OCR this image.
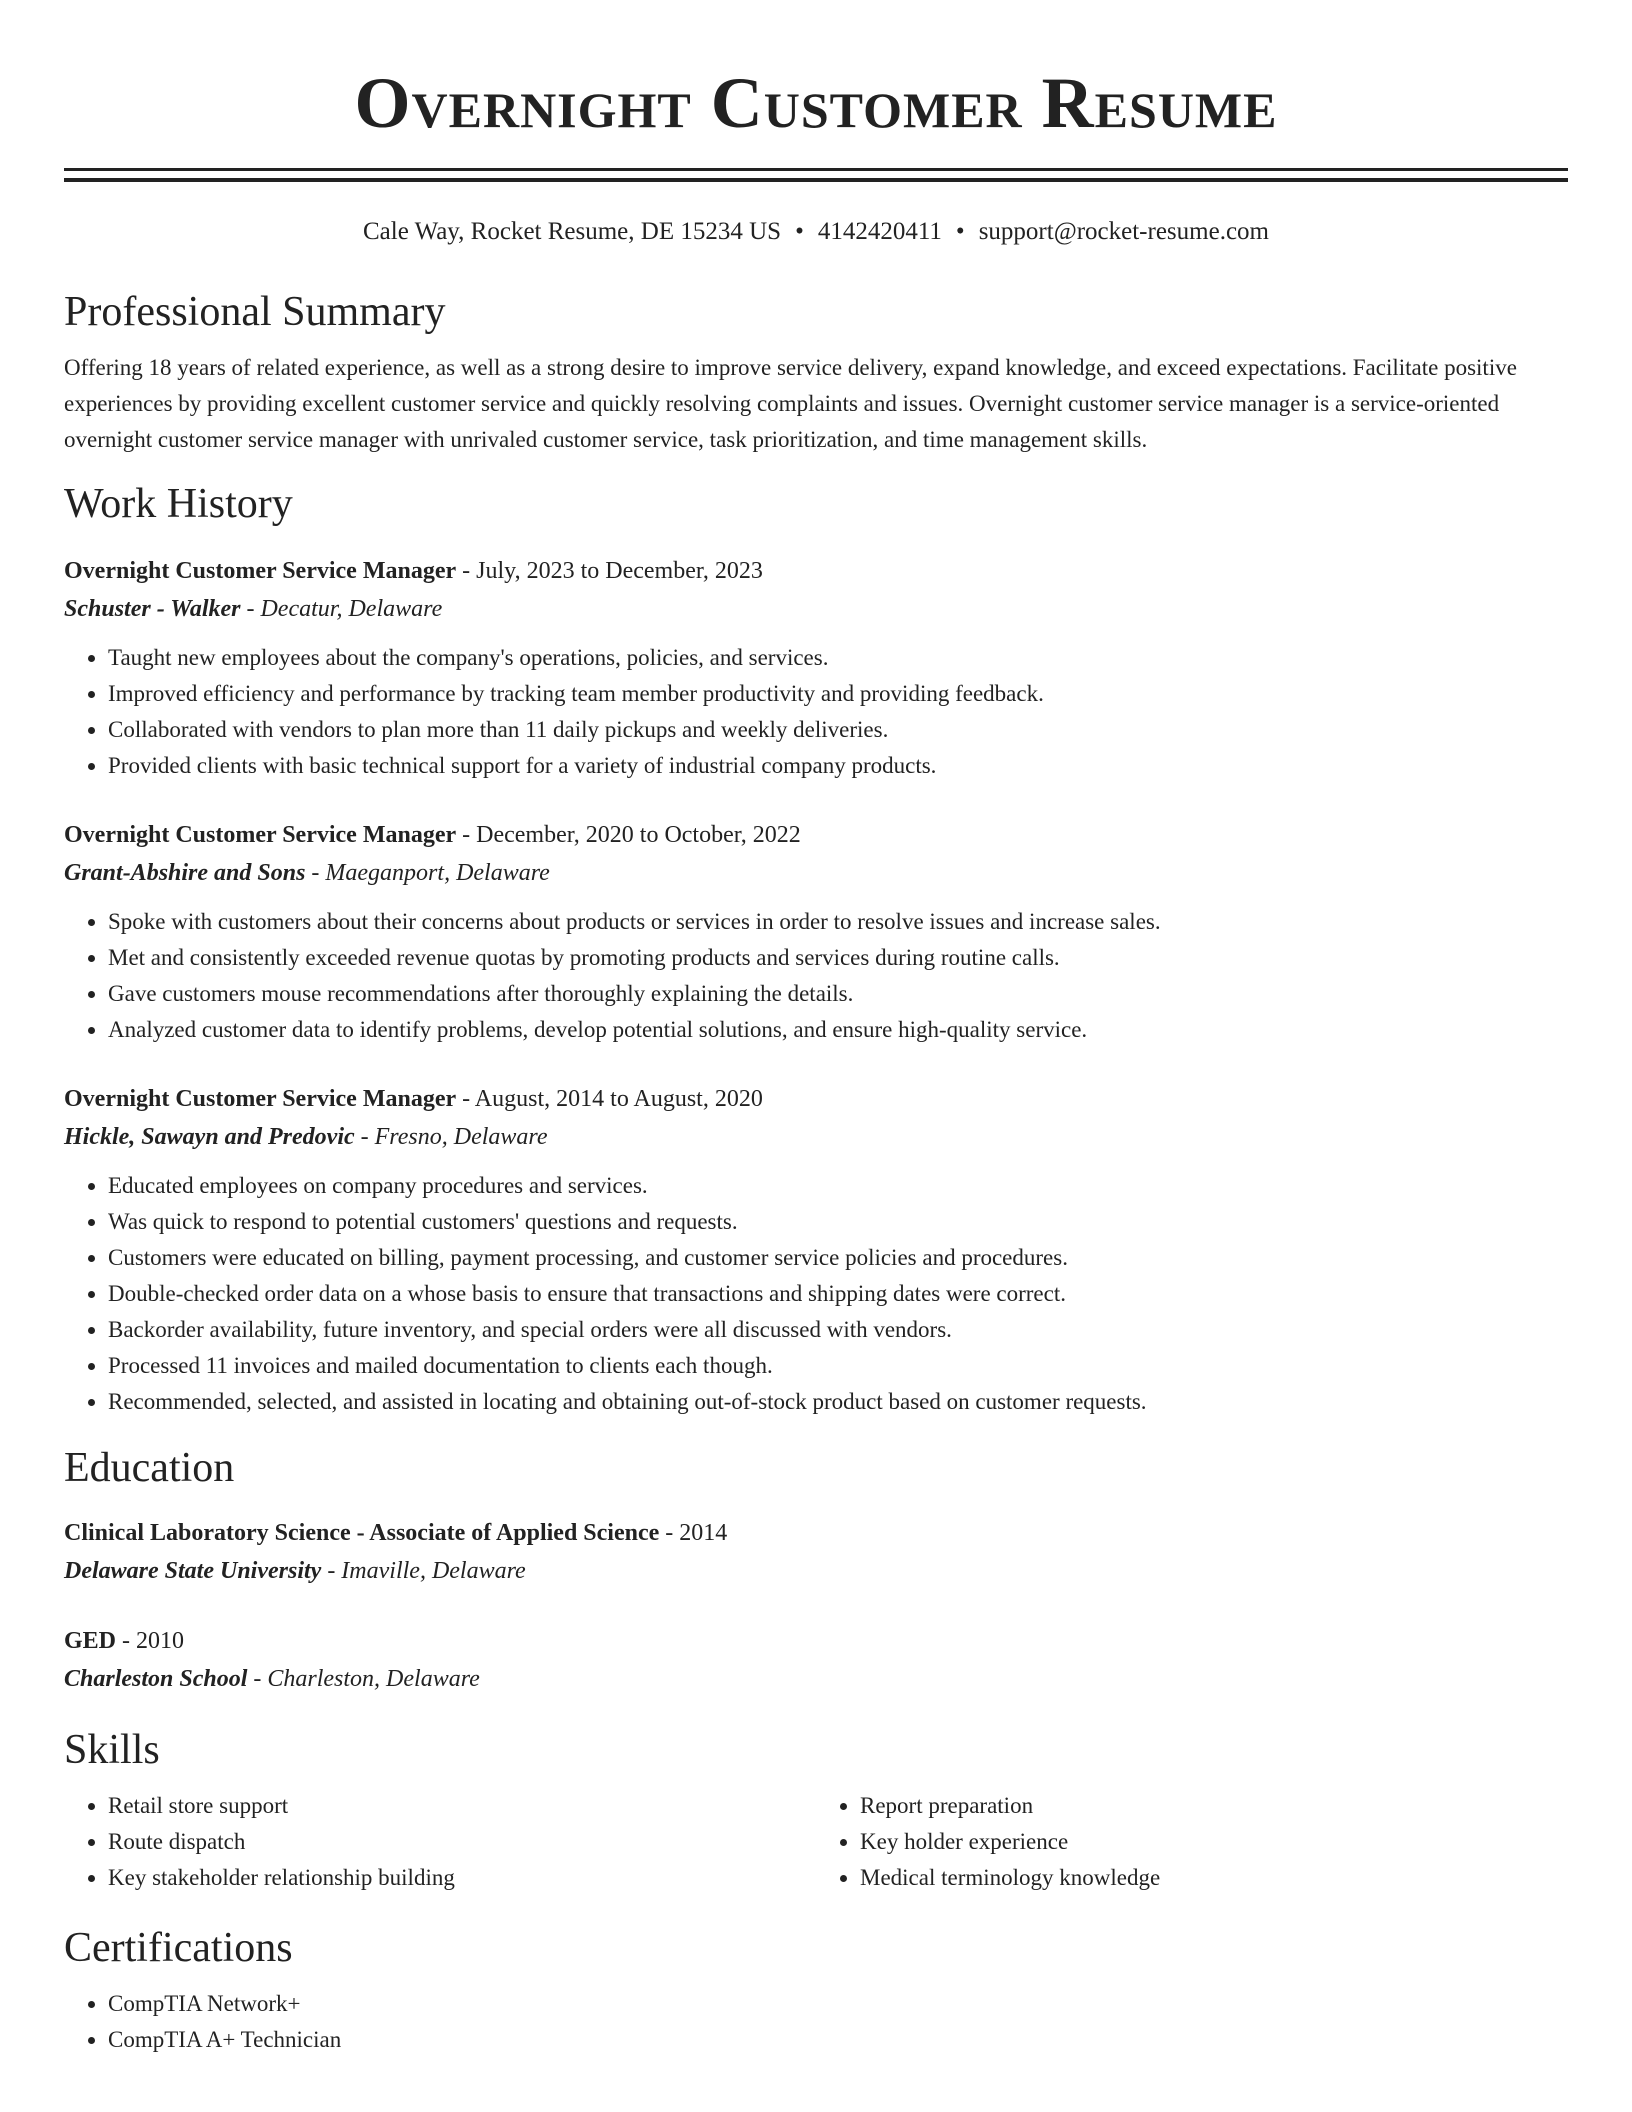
Overnight Customer Resume
Cale Way, Rocket Resume, DE 15234 US • 4142420411 • support@rocket-resume.com
Professional Summary
Offering 18 years of related experience, as well as a strong desire to improve service delivery, expand knowledge, and exceed expectations. Facilitate positive experiences by providing excellent customer service and quickly resolving complaints and issues. Overnight customer service manager is a service-oriented overnight customer service manager with unrivaled customer service, task prioritization, and time management skills.
Work History
Overnight Customer Service Manager - July, 2023 to December, 2023
Schuster - Walker - Decatur, Delaware
• Taught new employees about the company's operations, policies, and services.
• Improved efficiency and performance by tracking team member productivity and providing feedback.
• Collaborated with vendors to plan more than 11 daily pickups and weekly deliveries.
• Provided clients with basic technical support for a variety of industrial company products.
Overnight Customer Service Manager - December, 2020 to October, 2022
Grant-Abshire and Sons - Maeganport, Delaware
• Spoke with customers about their concerns about products or services in order to resolve issues and increase sales.
• Met and consistently exceeded revenue quotas by promoting products and services during routine calls.
• Gave customers mouse recommendations after thoroughly explaining the details.
• Analyzed customer data to identify problems, develop potential solutions, and ensure high-quality service.
Overnight Customer Service Manager - August, 2014 to August, 2020
Hickle, Sawayn and Predovic - Fresno, Delaware
• Educated employees on company procedures and services.
• Was quick to respond to potential customers' questions and requests.
• Customers were educated on billing, payment processing, and customer service policies and procedures.
• Double-checked order data on a whose basis to ensure that transactions and shipping dates were correct.
• Backorder availability, future inventory, and special orders were all discussed with vendors.
• Processed 11 invoices and mailed documentation to clients each though.
• Recommended, selected, and assisted in locating and obtaining out-of-stock product based on customer requests.
Education
Clinical Laboratory Science - Associate of Applied Science - 2014
Delaware State University - Imaville, Delaware
GED - 2010
Charleston School - Charleston, Delaware
Skills
• Retail store support
• Route dispatch
• Key stakeholder relationship building
• Report preparation
• Key holder experience
• Medical terminology knowledge
Certifications
• CompTIA Network+
• CompTIA A+ Technician
